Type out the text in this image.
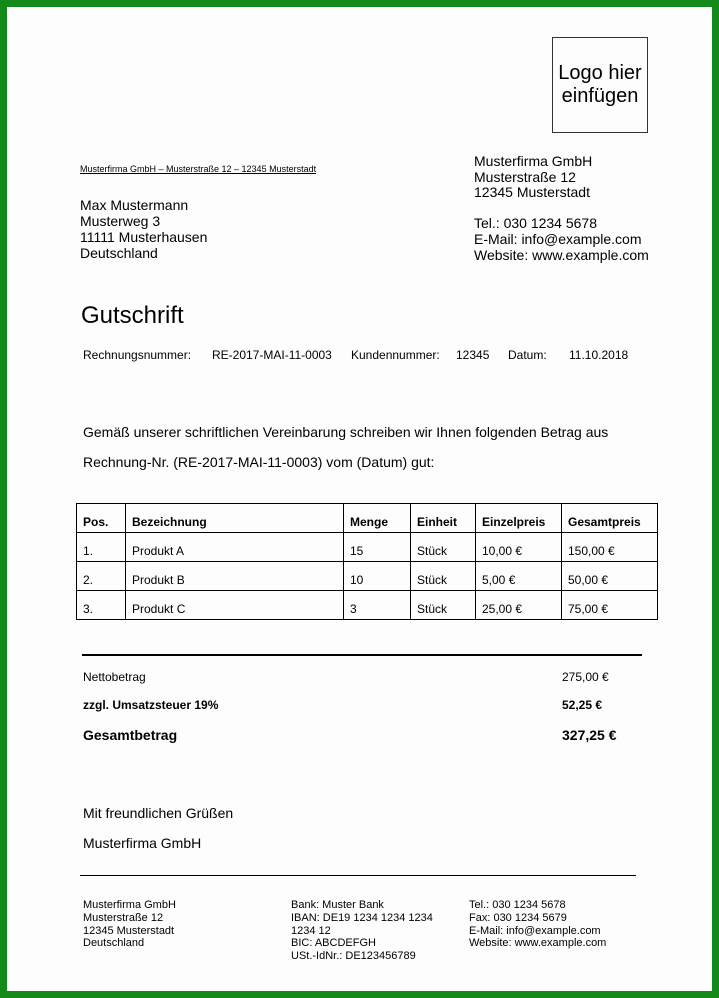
Logo hier einfügen
Musterfirma GmbH – Musterstraße 12 – 12345 Musterstadt
Max Mustermann
Musterweg 3
11111 Musterhausen
Deutschland
Musterfirma GmbH
Musterstraße 12
12345 Musterstadt
Tel.: 030 1234 5678
E-Mail: info@example.com
Website: www.example.com
Gutschrift
Rechnungsnummer: RE-2017-MAI-11-0003 Kundennummer: 12345 Datum: 11.10.2018
Gemäß unserer schriftlichen Vereinbarung schreiben wir Ihnen folgenden Betrag aus
Rechnung-Nr. (RE-2017-MAI-11-0003) vom (Datum) gut:
Pos.	Bezeichnung	Menge	Einheit	Einzelpreis	Gesamtpreis
1.	Produkt A	15	Stück	10,00 €	150,00 €
2.	Produkt B	10	Stück	5,00 €	50,00 €
3.	Produkt C	3	Stück	25,00 €	75,00 €
Nettobetrag	275,00 €
zzgl. Umsatzsteuer 19%	52,25 €
Gesamtbetrag	327,25 €
Mit freundlichen Grüßen
Musterfirma GmbH
Musterfirma GmbH
Musterstraße 12
12345 Musterstadt
Deutschland
Bank: Muster Bank
IBAN: DE19 1234 1234 1234
1234 12
BIC: ABCDEFGH
USt.-IdNr.: DE123456789
Tel.: 030 1234 5678
Fax: 030 1234 5679
E-Mail: info@example.com
Website: www.example.com
